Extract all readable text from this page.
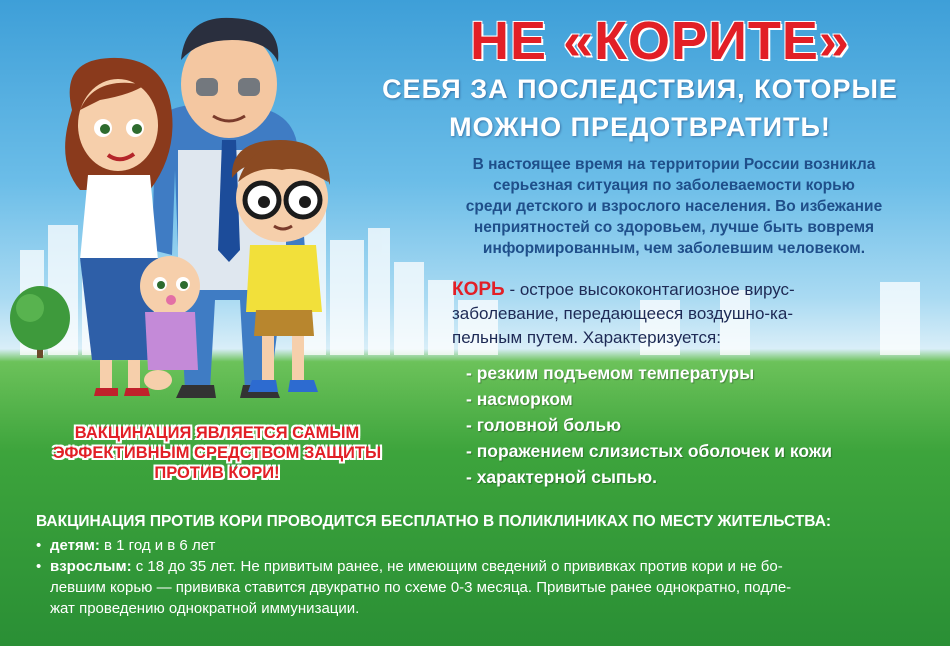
НЕ «КОРИТЕ»
СЕБЯ ЗА ПОСЛЕДСТВИЯ, КОТОРЫЕ
МОЖНО ПРЕДОТВРАТИТЬ!
В настоящее время на территории России возникла
серьезная ситуация по заболеваемости корью
среди детского и взрослого населения. Во избежание
неприятностей со здоровьем, лучше быть вовремя
информированным, чем заболевшим человеком.
КОРЬ - острое высококонтагиозное вирус-
заболевание, передающееся воздушно-ка-
пельным путем. Характеризуется:
- резким подъемом температуры
- насморком
- головной болью
- поражением слизистых оболочек и кожи
- характерной сыпью.
ВАКЦИНАЦИЯ ЯВЛЯЕТСЯ САМЫМ
ЭФФЕКТИВНЫМ СРЕДСТВОМ ЗАЩИТЫ
ПРОТИВ КОРИ!
ВАКЦИНАЦИЯ ПРОТИВ КОРИ ПРОВОДИТСЯ БЕСПЛАТНО В ПОЛИКЛИНИКАХ ПО МЕСТУ ЖИТЕЛЬСТВА:
• детям: в 1 год и в 6 лет
• взрослым: с 18 до 35 лет. Не привитым ранее, не имеющим сведений о прививках против кори и не бо-
левшим корью — прививка ставится двукратно по схеме 0-3 месяца. Привитые ранее однократно, подле-
жат проведению однократной иммунизации.
